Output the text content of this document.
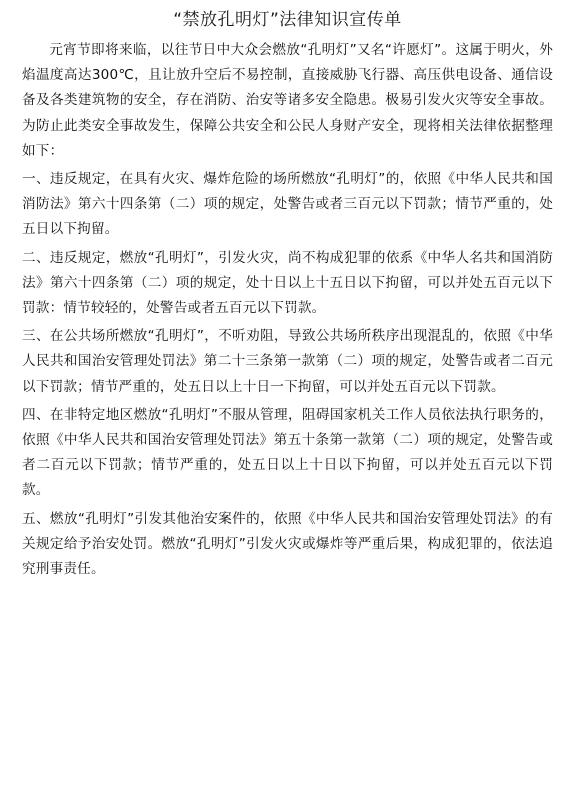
“禁放孔明灯”法律知识宣传单

元宵节即将来临，以往节日中大众会燃放“孔明灯”又名“许愿灯”。这属于明火，外焰温度高达300℃，且让放升空后不易控制，直接威胁飞行器、高压供电设备、通信设备及各类建筑物的安全，存在消防、治安等诸多安全隐患。极易引发火灾等安全事故。为防止此类安全事故发生，保障公共安全和公民人身财产安全，现将相关法律依据整理如下：

一、违反规定，在具有火灾、爆炸危险的场所燃放“孔明灯”的，依照《中华人民共和国消防法》第六十四条第（二）项的规定，处警告或者三百元以下罚款；情节严重的，处五日以下拘留。

二、违反规定，燃放“孔明灯”，引发火灾，尚不构成犯罪的依系《中华人名共和国消防法》第六十四条第（二）项的规定，处十日以上十五日以下拘留，可以并处五百元以下罚款：情节较轻的，处警告或者五百元以下罚款。

三、在公共场所燃放“孔明灯”，不听劝阻，导致公共场所秩序出现混乱的，依照《中华人民共和国治安管理处罚法》第二十三条第一款第（二）项的规定，处警告或者二百元以下罚款；情节严重的，处五日以上十日一下拘留，可以并处五百元以下罚款。

四、在非特定地区燃放“孔明灯”不服从管理，阻碍国家机关工作人员依法执行职务的，依照《中华人民共和国治安管理处罚法》第五十条第一款第（二）项的规定，处警告或者二百元以下罚款；情节严重的，处五日以上十日以下拘留，可以并处五百元以下罚款。

五、燃放“孔明灯”引发其他治安案件的，依照《中华人民共和国治安管理处罚法》的有关规定给予治安处罚。燃放“孔明灯”引发火灾或爆炸等严重后果，构成犯罪的，依法追究刑事责任。
